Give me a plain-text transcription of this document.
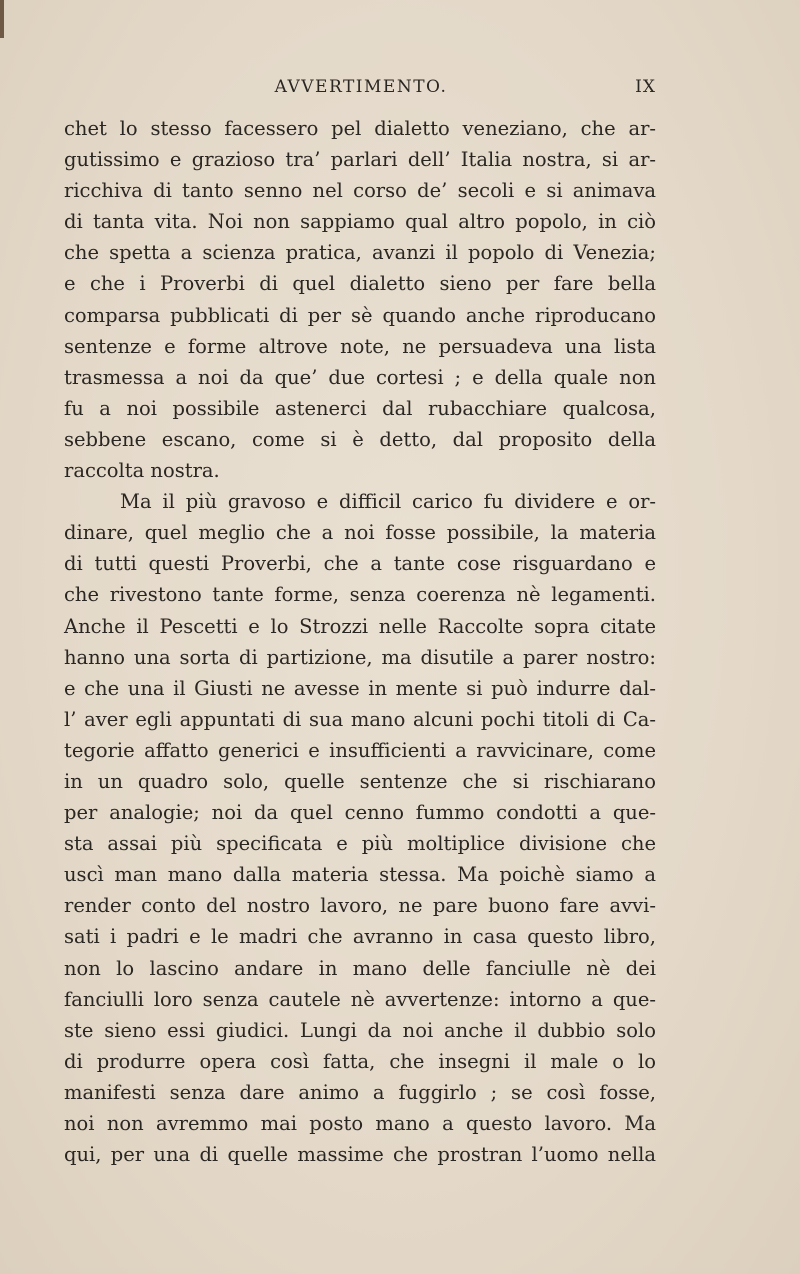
AVVERTIMENTO.	IX
chet lo stesso facessero pel dialetto veneziano, che ar-
gutissimo e grazioso tra’ parlari dell’ Italia nostra, si ar-
ricchiva di tanto senno nel corso de’ secoli e si animava
di tanta vita. Noi non sappiamo qual altro popolo, in ciò
che spetta a scienza pratica, avanzi il popolo di Venezia;
e che i Proverbi di quel dialetto sieno per fare bella
comparsa pubblicati di per sè quando anche riproducano
sentenze e forme altrove note, ne persuadeva una lista
trasmessa a noi da que’ due cortesi ; e della quale non
fu a noi possibile astenerci dal rubacchiare qualcosa,
sebbene escano, come si è detto, dal proposito della
raccolta nostra.
Ma il più gravoso e difficil carico fu dividere e or-
dinare, quel meglio che a noi fosse possibile, la materia
di tutti questi Proverbi, che a tante cose risguardano e
che rivestono tante forme, senza coerenza nè legamenti.
Anche il Pescetti e lo Strozzi nelle Raccolte sopra citate
hanno una sorta di partizione, ma disutile a parer nostro:
e che una il Giusti ne avesse in mente si può indurre dal-
l’ aver egli appuntati di sua mano alcuni pochi titoli di Ca-
tegorie affatto generici e insufficienti a ravvicinare, come
in un quadro solo, quelle sentenze che si rischiarano
per analogie; noi da quel cenno fummo condotti a que-
sta assai più specificata e più moltiplice divisione che
uscì man mano dalla materia stessa. Ma poichè siamo a
render conto del nostro lavoro, ne pare buono fare avvi-
sati i padri e le madri che avranno in casa questo libro,
non lo lascino andare in mano delle fanciulle nè dei
fanciulli loro senza cautele nè avvertenze: intorno a que-
ste sieno essi giudici. Lungi da noi anche il dubbio solo
di produrre opera così fatta, che insegni il male o lo
manifesti senza dare animo a fuggirlo ; se così fosse,
noi non avremmo mai posto mano a questo lavoro. Ma
qui, per una di quelle massime che prostran l’uomo nella
